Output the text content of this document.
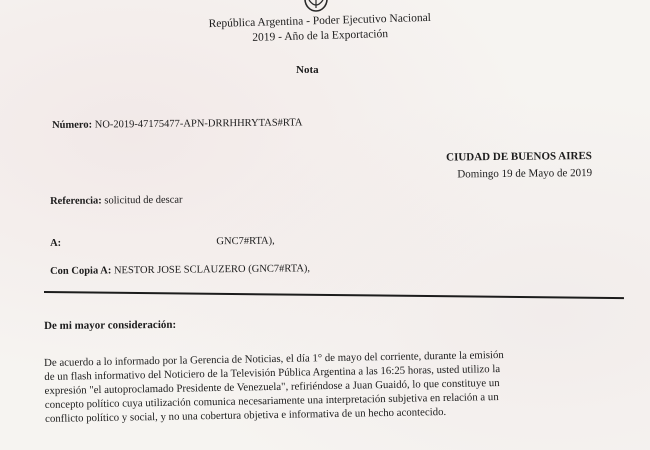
República Argentina - Poder Ejecutivo Nacional
2019 - Año de la Exportación
Nota
Número: NO-2019-47175477-APN-DRRHHRYTAS#RTA
CIUDAD DE BUENOS AIRES
Domingo 19 de Mayo de 2019
Referencia: solicitud de descar
A:	GNC7#RTA),
Con Copia A: NESTOR JOSE SCLAUZERO (GNC7#RTA),
De mi mayor consideración:
De acuerdo a lo informado por la Gerencia de Noticias, el día 1° de mayo del corriente, durante la emisión
de un flash informativo del Noticiero de la Televisión Pública Argentina a las 16:25 horas, usted utilizo la
expresión "el autoproclamado Presidente de Venezuela", refiriéndose a Juan Guaidó, lo que constituye un
concepto político cuya utilización comunica necesariamente una interpretación subjetiva en relación a un
conflicto político y social, y no una cobertura objetiva e informativa de un hecho acontecido.
